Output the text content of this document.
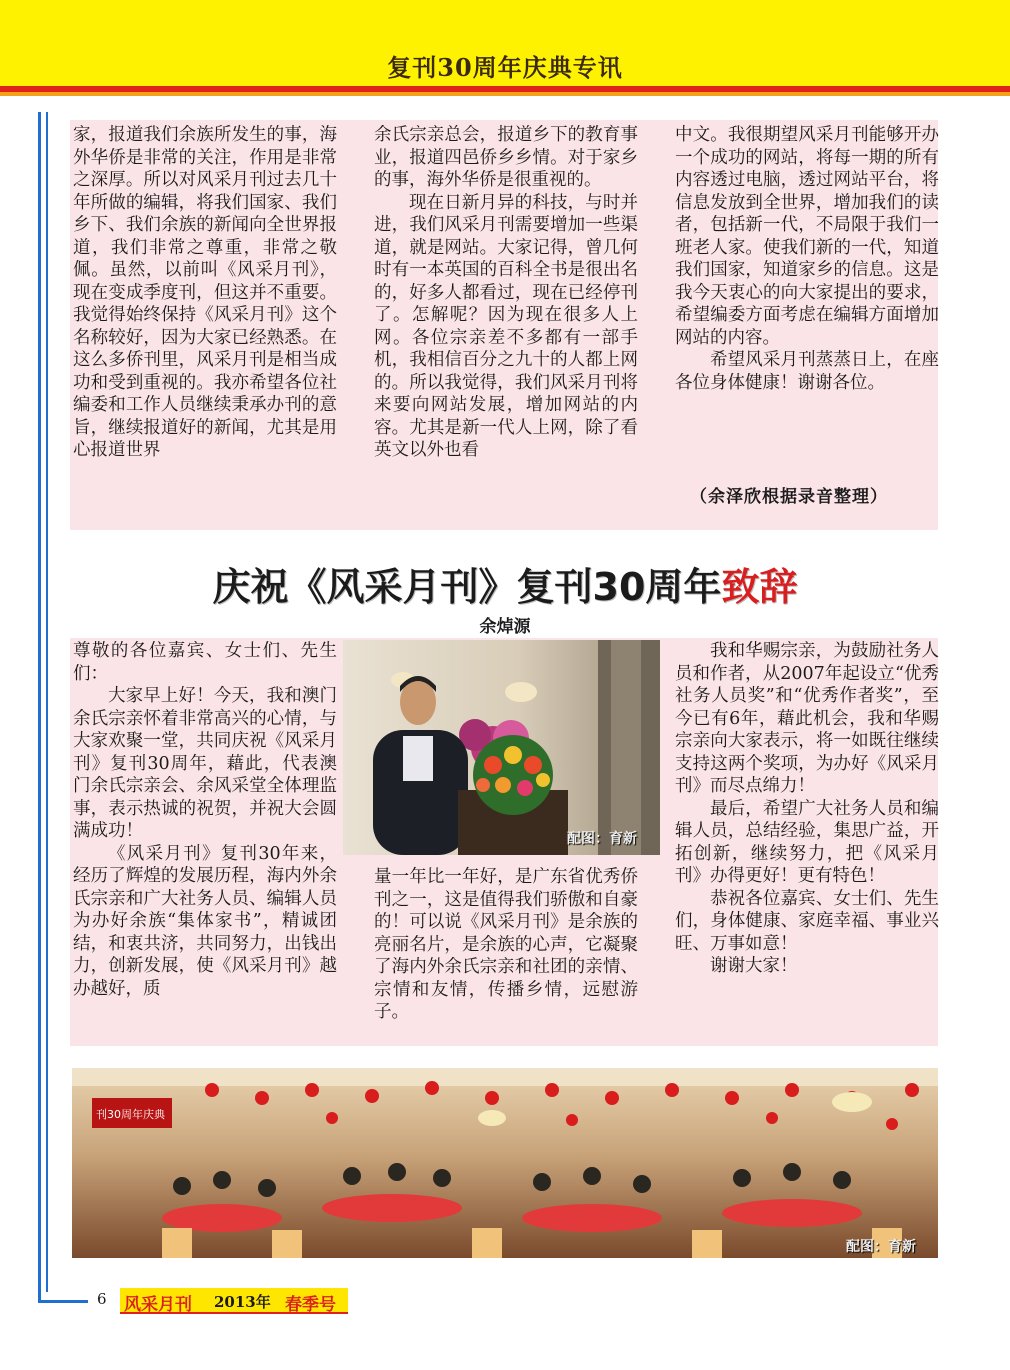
复刊30周年庆典专讯

家，报道我们余族所发生的事，海外华侨是非常的关注，作用是非常之深厚。所以对风采月刊过去几十年所做的编辑，将我们国家、我们乡下、我们余族的新闻向全世界报道，我们非常之尊重，非常之敬佩。虽然，以前叫《风采月刊》，现在变成季度刊，但这并不重要。我觉得始终保持《风采月刊》这个名称较好，因为大家已经熟悉。在这么多侨刊里，风采月刊是相当成功和受到重视的。我亦希望各位社编委和工作人员继续秉承办刊的意旨，继续报道好的新闻，尤其是用心报道世界

余氏宗亲总会，报道乡下的教育事业，报道四邑侨乡乡情。对于家乡的事，海外华侨是很重视的。

现在日新月异的科技，与时并进，我们风采月刊需要增加一些渠道，就是网站。大家记得，曾几何时有一本英国的百科全书是很出名的，好多人都看过，现在已经停刊了。怎解呢？因为现在很多人上网。各位宗亲差不多都有一部手机，我相信百分之九十的人都上网的。所以我觉得，我们风采月刊将来要向网站发展，增加网站的内容。尤其是新一代人上网，除了看英文以外也看

中文。我很期望风采月刊能够开办一个成功的网站，将每一期的所有内容透过电脑，透过网站平台，将信息发放到全世界，增加我们的读者，包括新一代，不局限于我们一班老人家。使我们新的一代，知道我们国家，知道家乡的信息。这是我今天衷心的向大家提出的要求，希望编委方面考虑在编辑方面增加网站的内容。

希望风采月刊蒸蒸日上，在座各位身体健康！谢谢各位。

（余泽欣根据录音整理）
庆祝《风采月刊》复刊30周年致辞
余焯源

尊敬的各位嘉宾、女士们、先生们：

大家早上好！今天，我和澳门余氏宗亲怀着非常高兴的心情，与大家欢聚一堂，共同庆祝《风采月刊》复刊30周年，藉此，代表澳门余氏宗亲会、余风采堂全体理监事，表示热诚的祝贺，并祝大会圆满成功！

《风采月刊》复刊30年来，经历了辉煌的发展历程，海内外余氏宗亲和广大社务人员、编辑人员为办好余族“集体家书”，精诚团结，和衷共济，共同努力，出钱出力，创新发展，使《风采月刊》越办越好，质

配图：育新

量一年比一年好，是广东省优秀侨刊之一，这是值得我们骄傲和自豪的！可以说《风采月刊》是余族的亮丽名片，是余族的心声，它凝聚了海内外余氏宗亲和社团的亲情、宗情和友情，传播乡情，远慰游子。

我和华赐宗亲，为鼓励社务人员和作者，从2007年起设立“优秀社务人员奖”和“优秀作者奖”，至今已有6年，藉此机会，我和华赐宗亲向大家表示，将一如既往继续支持这两个奖项，为办好《风采月刊》而尽点绵力！

最后，希望广大社务人员和编辑人员，总结经验，集思广益，开拓创新，继续努力，把《风采月刊》办得更好！更有特色！

恭祝各位嘉宾、女士们、先生们，身体健康、家庭幸福、事业兴旺、万事如意！

谢谢大家！

刊30周年庆典
配图：育新
6 风采月刊 2013年 春季号
